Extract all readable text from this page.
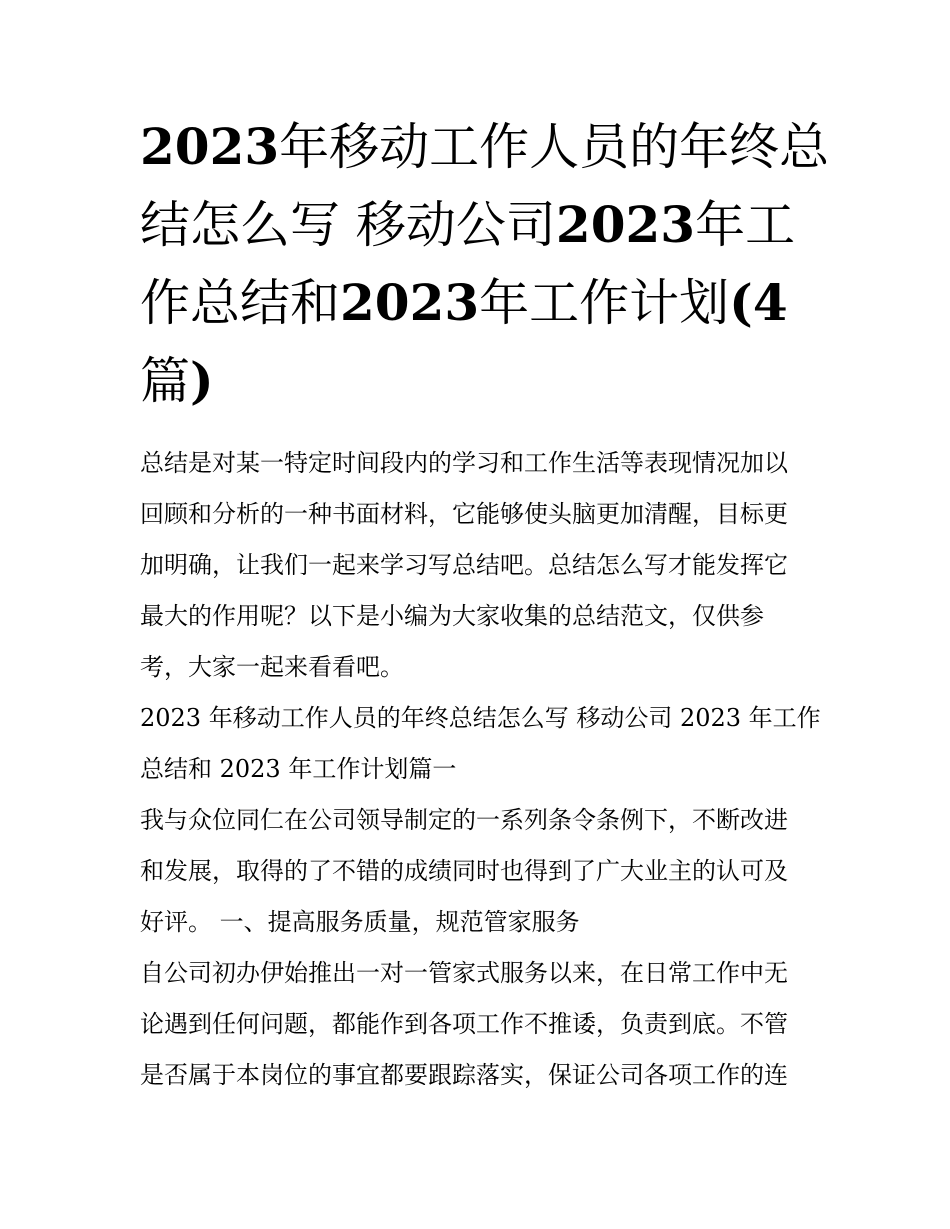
2023年移动工作人员的年终总
结怎么写 移动公司2023年工
作总结和2023年工作计划(4
篇)
总结是对某一特定时间段内的学习和工作生活等表现情况加以
回顾和分析的一种书面材料，它能够使头脑更加清醒，目标更
加明确，让我们一起来学习写总结吧。总结怎么写才能发挥它
最大的作用呢？以下是小编为大家收集的总结范文，仅供参
考，大家一起来看看吧。
2023 年移动工作人员的年终总结怎么写 移动公司 2023 年工作
总结和 2023 年工作计划篇一
我与众位同仁在公司领导制定的一系列条令条例下，不断改进
和发展，取得的了不错的成绩同时也得到了广大业主的认可及
好评。 一、提高服务质量，规范管家服务
自公司初办伊始推出一对一管家式服务以来，在日常工作中无
论遇到任何问题，都能作到各项工作不推诿，负责到底。不管
是否属于本岗位的事宜都要跟踪落实，保证公司各项工作的连
